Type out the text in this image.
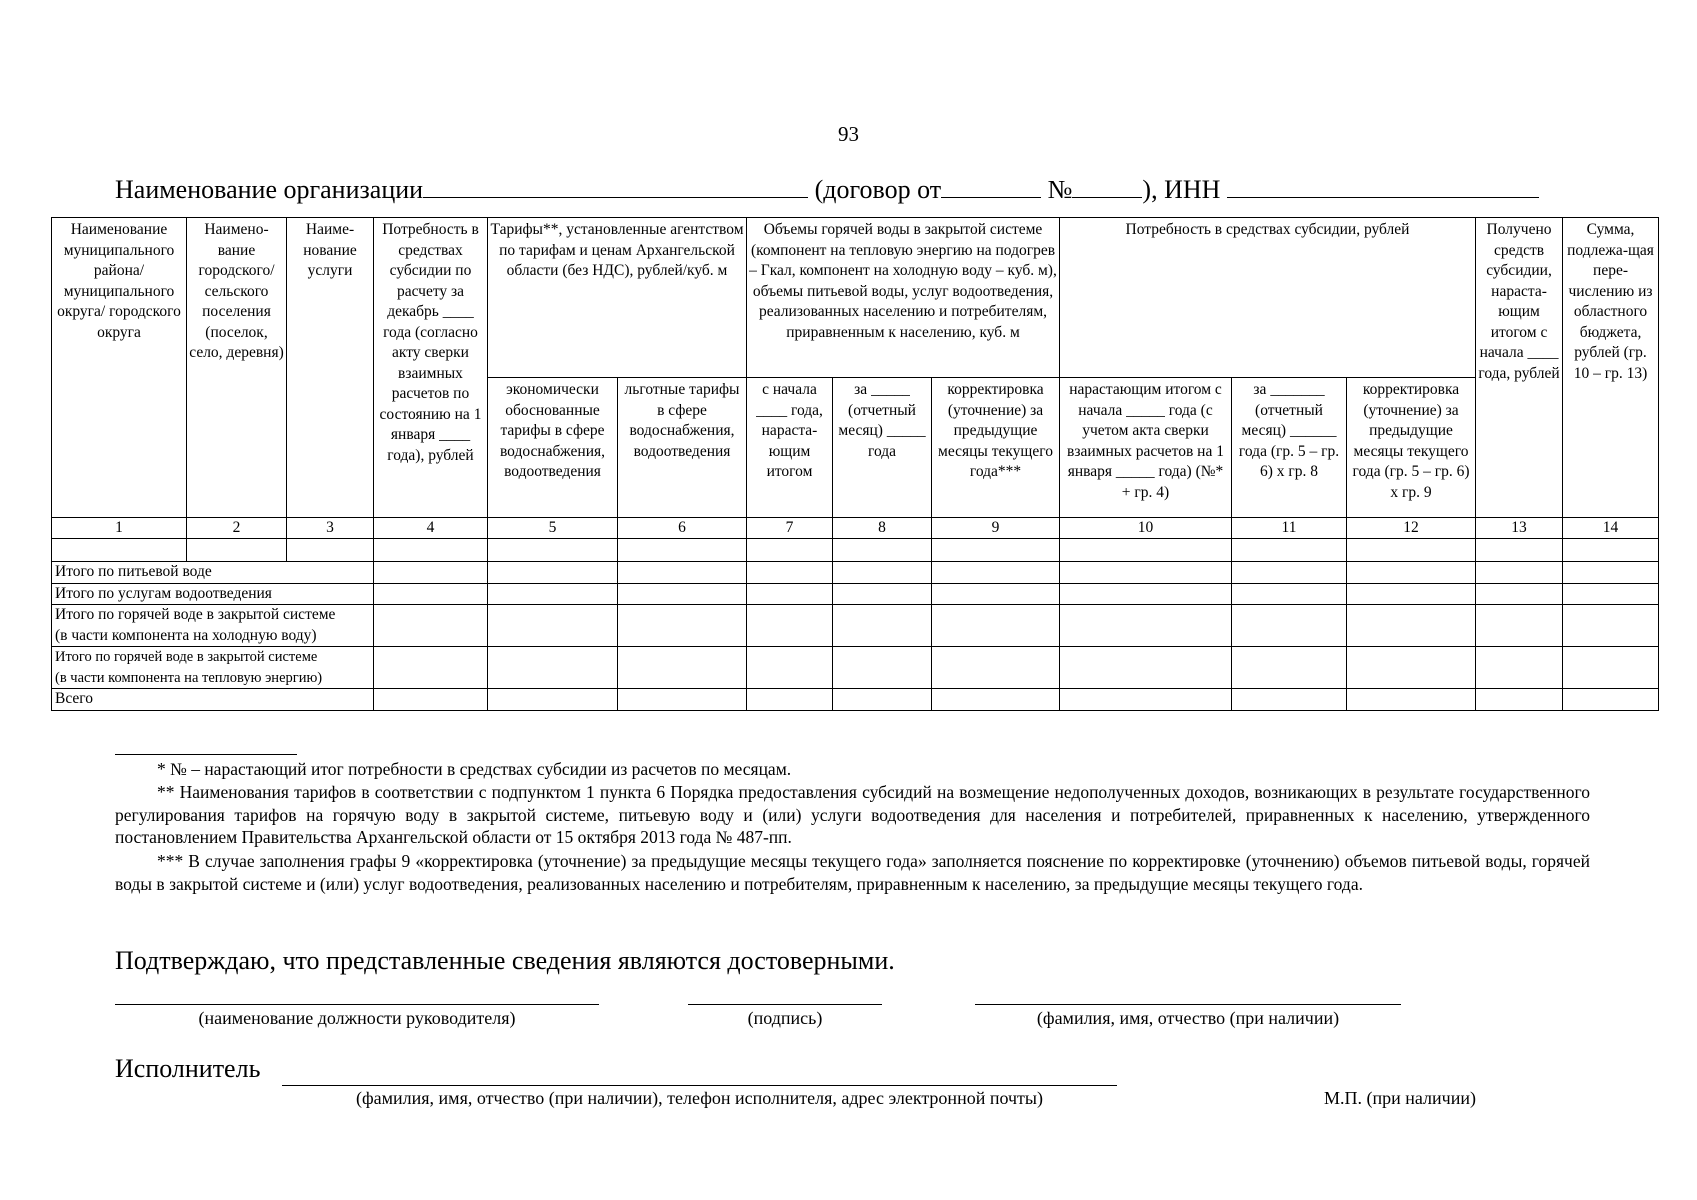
93
Наименование организации	(договор от	№	), ИНН
Наименование муниципального района/ муниципального округа/ городского округа	Наимено-вание городского/ сельского поселения (поселок, село, деревня)	Наиме-нование услуги	Потребность в средствах субсидии по расчету за декабрь ____ года (согласно акту сверки взаимных расчетов по состоянию на 1 января ____ года), рублей	Тарифы**, установленные агентством по тарифам и ценам Архангельской области (без НДС), рублей/куб. м		Объемы горячей воды в закрытой системе (компонент на тепловую энергию на подогрев – Гкал, компонент на холодную воду – куб. м), объемы питьевой воды, услуг водоотведения, реализованных населению и потребителям, приравненным к населению, куб. м			Потребность в средствах субсидии, рублей			Получено средств субсидии, нараста-ющим итогом с начала ____ года, рублей	Сумма, подлежа-щая пере-числению из областного бюджета, рублей (гр. 10 – гр. 13)
				экономически обоснованные тарифы в сфере водоснабжения, водоотведения	льготные тарифы в сфере водоснабжения, водоотведения	с начала ____ года, нараста-ющим итогом	за _____ (отчетный месяц) _____ года	корректировка (уточнение) за предыдущие месяцы текущего года***	нарастающим итогом с начала _____ года (с учетом акта сверки взаимных расчетов на 1 января _____ года) (№* + гр. 4)	за _______ (отчетный месяц) ______ года (гр. 5 – гр. 6) х гр. 8	корректировка (уточнение) за предыдущие месяцы текущего года (гр. 5 – гр. 6) х гр. 9		
1	2	3	4	5	6	7	8	9	10	11	12	13	14

Итого по питьевой воде													
Итого по услугам водоотведения													

Итого по горячей воде в закрытой системе
(в части компонента на холодную воду)													

Итого по горячей воде в закрытой системе
(в части компонента на тепловую энергию)													

Всего													
* № – нарастающий итог потребности в средствах субсидии из расчетов по месяцам.
** Наименования тарифов в соответствии с подпунктом 1 пункта 6 Порядка предоставления субсидий на возмещение недополученных доходов, возникающих в результате государственного регулирования тарифов на горячую воду в закрытой системе, питьевую воду и (или) услуги водоотведения для населения и потребителей, приравненных к населению, утвержденного постановлением Правительства Архангельской области от 15 октября 2013 года № 487-пп.
*** В случае заполнения графы 9 «корректировка (уточнение) за предыдущие месяцы текущего года» заполняется пояснение по корректировке (уточнению) объемов питьевой воды, горячей воды в закрытой системе и (или) услуг водоотведения, реализованных населению и потребителям, приравненным к населению, за предыдущие месяцы текущего года.
Подтверждаю, что представленные сведения являются достоверными.
(наименование должности руководителя)	(подпись)	(фамилия, имя, отчество (при наличии)
Исполнитель
(фамилия, имя, отчество (при наличии), телефон исполнителя, адрес электронной почты)	М.П. (при наличии)
